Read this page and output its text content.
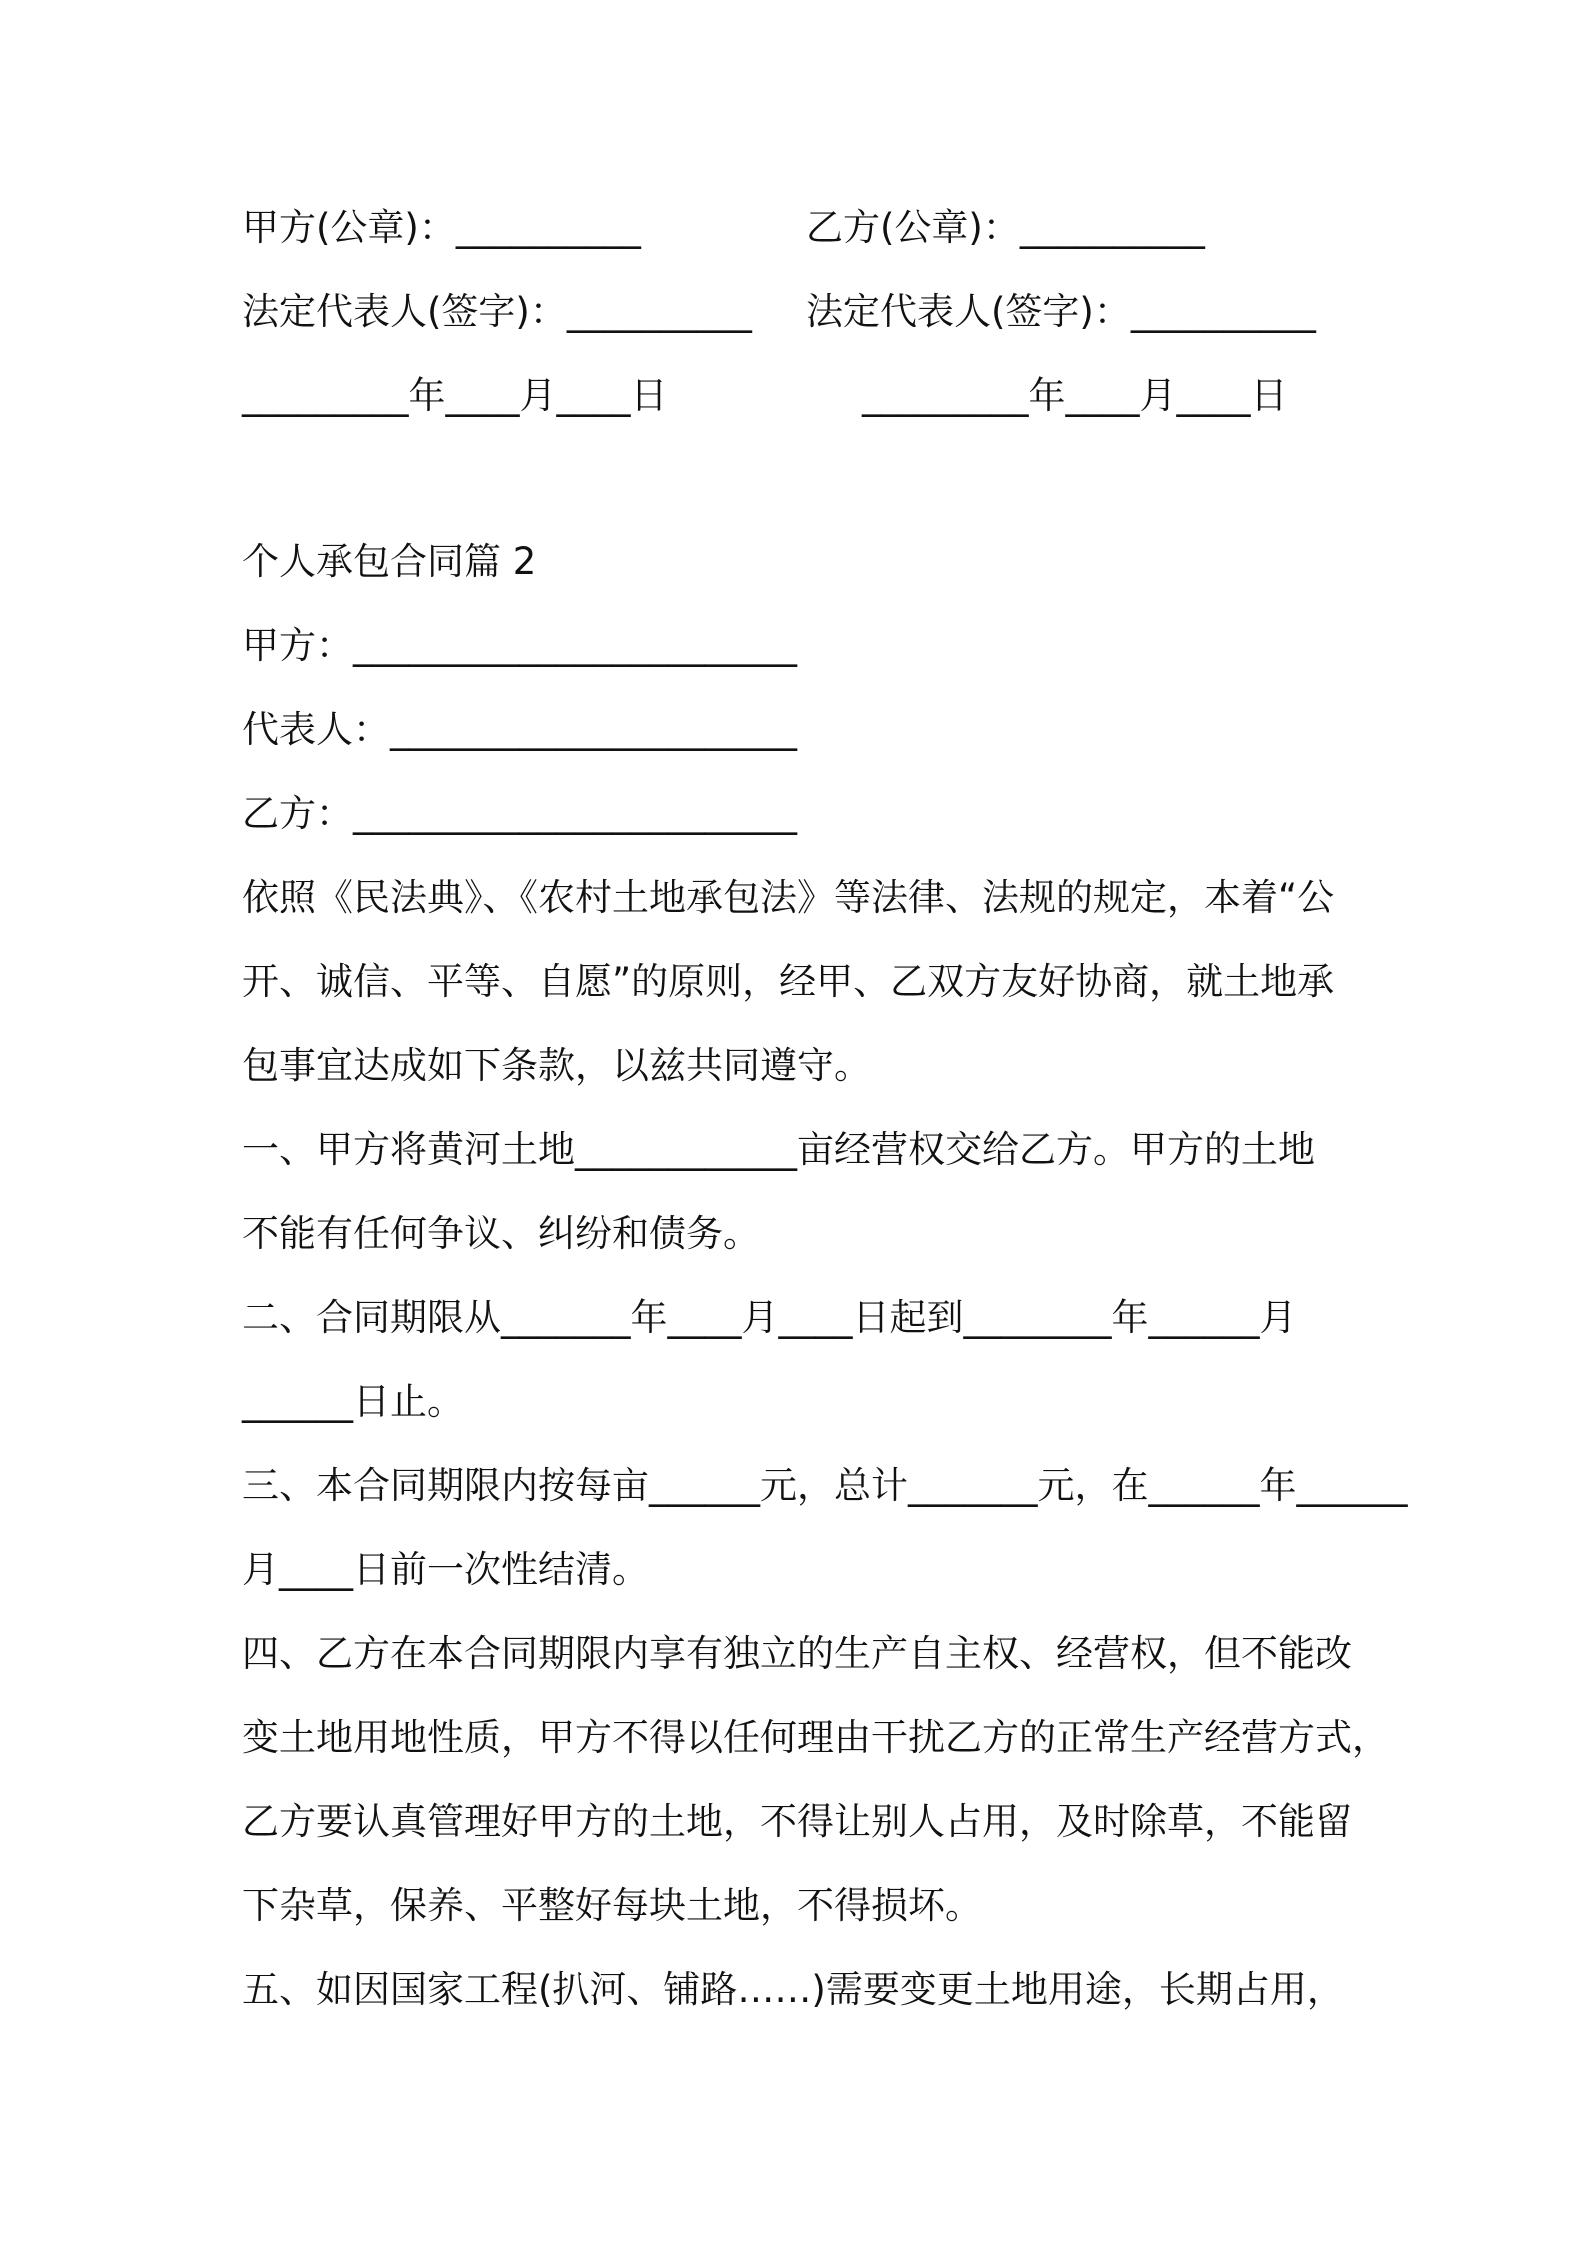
甲方(公章)：__________

	乙方(公章)：__________

法定代表人(签字)：__________

法定代表人(签字)：__________

_________年____月____日

	_________年____月____日

个人承包合同篇 2
甲方：________________________
代表人：______________________
乙方：________________________
依照《民法典》、《农村土地承包法》等法律、法规的规定，本着“公
开、诚信、平等、自愿”的原则，经甲、乙双方友好协商，就土地承
包事宜达成如下条款，以兹共同遵守。
一、甲方将黄河土地____________亩经营权交给乙方。甲方的土地
不能有任何争议、纠纷和债务。
二、合同期限从_______年____月____日起到________年______月
______日止。
三、本合同期限内按每亩______元，总计_______元，在______年______
月____日前一次性结清。
四、乙方在本合同期限内享有独立的生产自主权、经营权，但不能改
变土地用地性质，甲方不得以任何理由干扰乙方的正常生产经营方式，
乙方要认真管理好甲方的土地，不得让别人占用，及时除草，不能留
下杂草，保养、平整好每块土地，不得损坏。
五、如因国家工程(扒河、铺路……)需要变更土地用途，长期占用，
